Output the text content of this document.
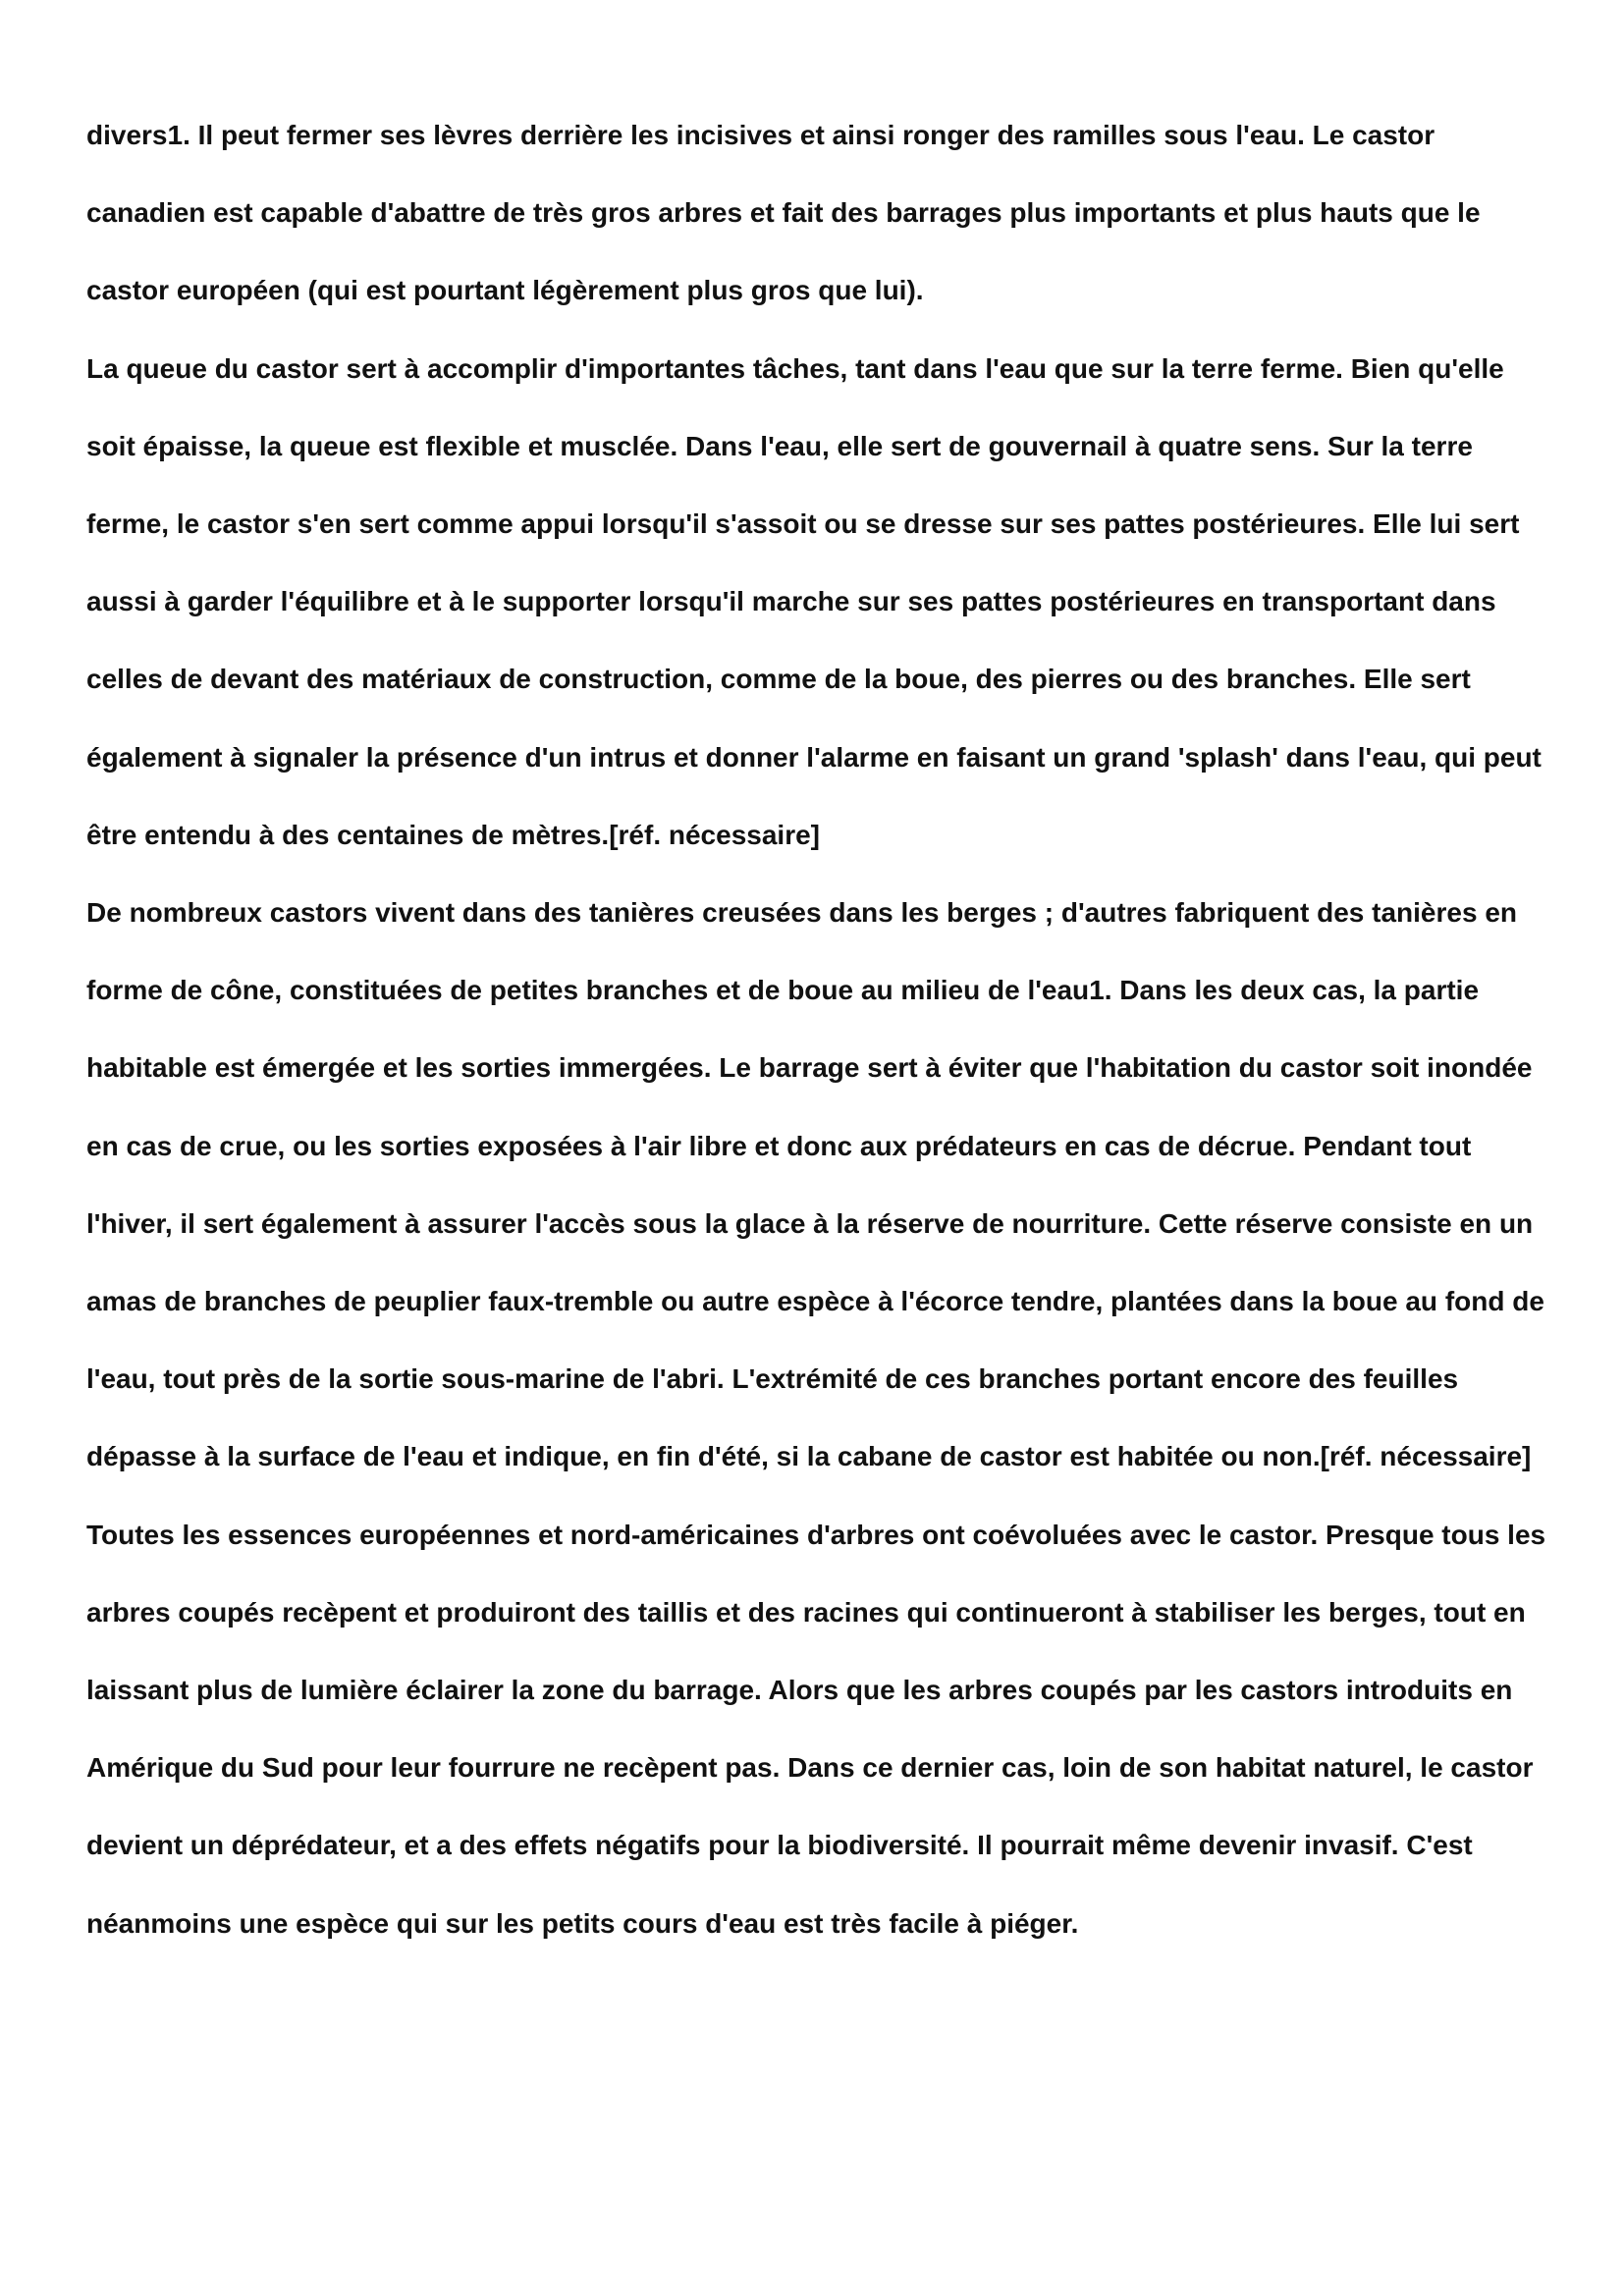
divers1. Il peut fermer ses lèvres derrière les incisives et ainsi ronger des ramilles sous l'eau. Le castor canadien est capable d'abattre de très gros arbres et fait des barrages plus importants et plus hauts que le castor européen (qui est pourtant légèrement plus gros que lui).

La queue du castor sert à accomplir d'importantes tâches, tant dans l'eau que sur la terre ferme. Bien qu'elle soit épaisse, la queue est flexible et musclée. Dans l'eau, elle sert de gouvernail à quatre sens. Sur la terre ferme, le castor s'en sert comme appui lorsqu'il s'assoit ou se dresse sur ses pattes postérieures. Elle lui sert aussi à garder l'équilibre et à le supporter lorsqu'il marche sur ses pattes postérieures en transportant dans celles de devant des matériaux de construction, comme de la boue, des pierres ou des branches. Elle sert également à signaler la présence d'un intrus et donner l'alarme en faisant un grand 'splash' dans l'eau, qui peut être entendu à des centaines de mètres.[réf. nécessaire]

De nombreux castors vivent dans des tanières creusées dans les berges ; d'autres fabriquent des tanières en forme de cône, constituées de petites branches et de boue au milieu de l'eau1. Dans les deux cas, la partie habitable est émergée et les sorties immergées. Le barrage sert à éviter que l'habitation du castor soit inondée en cas de crue, ou les sorties exposées à l'air libre et donc aux prédateurs en cas de décrue. Pendant tout l'hiver, il sert également à assurer l'accès sous la glace à la réserve de nourriture. Cette réserve consiste en un amas de branches de peuplier faux-tremble ou autre espèce à l'écorce tendre, plantées dans la boue au fond de l'eau, tout près de la sortie sous-marine de l'abri. L'extrémité de ces branches portant encore des feuilles dépasse à la surface de l'eau et indique, en fin d'été, si la cabane de castor est habitée ou non.[réf. nécessaire]

Toutes les essences européennes et nord-américaines d'arbres ont coévoluées avec le castor. Presque tous les arbres coupés recèpent et produiront des taillis et des racines qui continueront à stabiliser les berges, tout en laissant plus de lumière éclairer la zone du barrage. Alors que les arbres coupés par les castors introduits en Amérique du Sud pour leur fourrure ne recèpent pas. Dans ce dernier cas, loin de son habitat naturel, le castor devient un déprédateur, et a des effets négatifs pour la biodiversité. Il pourrait même devenir invasif. C'est néanmoins une espèce qui sur les petits cours d'eau est très facile à piéger.
